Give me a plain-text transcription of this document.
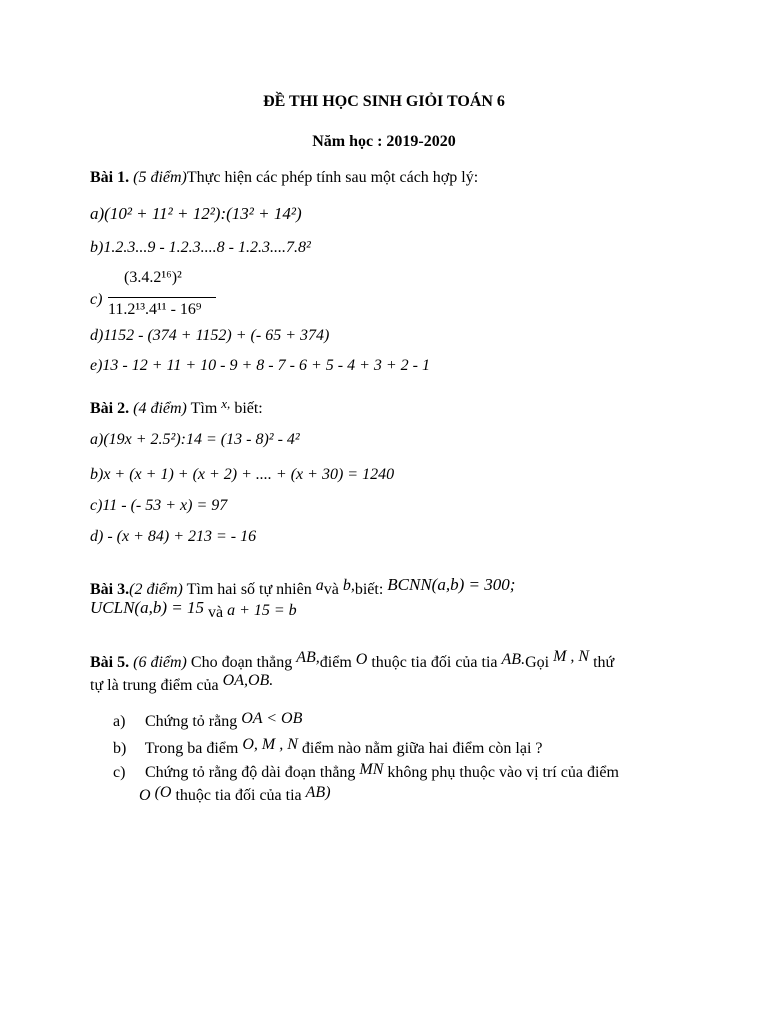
ĐỀ THI HỌC SINH GIỎI TOÁN 6
Năm học : 2019-2020
Bài 1. (5 điểm)Thực hiện các phép tính sau một cách hợp lý:
a)(10² + 11² + 12²):(13² + 14²)
b)1.2.3...9 - 1.2.3....8 - 1.2.3....7.8²
c)
(3.4.2¹⁶)²
11.2¹³.4¹¹ - 16⁹
d)1152 - (374 + 1152) + (- 65 + 374)
e)13 - 12 + 11 + 10 - 9 + 8 - 7 - 6 + 5 - 4 + 3 + 2 - 1
Bài 2. (4 điểm) Tìm $^{x,}$ biết:
a)(19x + 2.5²):14 = (13 - 8)² - 4²
b)x + (x + 1) + (x + 2) + .... + (x + 30) = 1240
c)11 - (- 53 + x) = 97
d) - (x + 84) + 213 = - 16
Bài 3.(2 điểm) Tìm hai số tự nhiên avà b,biết: BCNN(a,b) = 300;
UCLN(a,b) = 15 và a + 15 = b
Bài 5. (6 điểm) Cho đoạn thẳng AB,điểm O thuộc tia đối của tia AB.Gọi M , N thứ
tự là trung điểm của OA,OB.
a) Chứng tỏ rằng OA < OB
b) Trong ba điểm O, M , N điểm nào nằm giữa hai điểm còn lại ?
c) Chứng tỏ rằng độ dài đoạn thẳng MN không phụ thuộc vào vị trí của điểm
O (O thuộc tia đối của tia AB)
